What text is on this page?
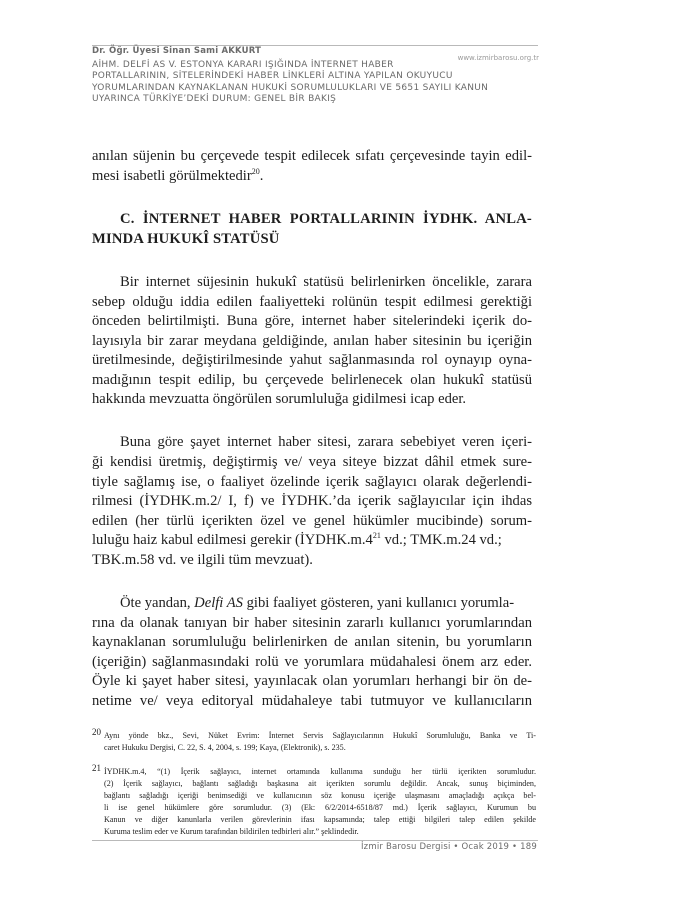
Dr. Öğr. Üyesi Sinan Sami AKKURT
www.izmirbarosu.org.tr
AİHM. DELFİ AS V. ESTONYA KARARI IŞIĞINDA İNTERNET HABER
PORTALLARININ, SİTELERİNDEKİ HABER LİNKLERİ ALTINA YAPILAN OKUYUCU
YORUMLARINDAN KAYNAKLANAN HUKUKİ SORUMLULUKLARI VE 5651 SAYILI KANUN
UYARINCA TÜRKİYE’DEKİ DURUM: GENEL BİR BAKIŞ
anılan süjenin bu çerçevede tespit edilecek sıfatı çerçevesinde tayin edil-
mesi isabetli görülmektedir$^{20}$.
C. İNTERNET HABER PORTALLARININ İYDHK. ANLA-
MINDA HUKUKÎ STATÜSÜ
Bir internet süjesinin hukukî statüsü belirlenirken öncelikle, zarara
sebep olduğu iddia edilen faaliyetteki rolünün tespit edilmesi gerektiği
önceden belirtilmişti. Buna göre, internet haber sitelerindeki içerik do-
layısıyla bir zarar meydana geldiğinde, anılan haber sitesinin bu içeriğin
üretilmesinde, değiştirilmesinde yahut sağlanmasında rol oynayıp oyna-
madığının tespit edilip, bu çerçevede belirlenecek olan hukukî statüsü
hakkında mevzuatta öngörülen sorumluluğa gidilmesi icap eder.
Buna göre şayet internet haber sitesi, zarara sebebiyet veren içeri-
ği kendisi üretmiş, değiştirmiş ve/ veya siteye bizzat dâhil etmek sure-
tiyle sağlamış ise, o faaliyet özelinde içerik sağlayıcı olarak değerlendi-
rilmesi (İYDHK.m.2/ I, f) ve İYDHK.’da içerik sağlayıcılar için ihdas
edilen (her türlü içerikten özel ve genel hükümler mucibinde) sorum-
luluğu haiz kabul edilmesi gerekir ($İYDHK.m.4^{21}$ vd.; TMK.m.24 vd.;
TBK.m.58 vd. ve ilgili tüm mevzuat).
Öte yandan, Delfi AS gibi faaliyet gösteren, yani kullanıcı yorumla-
rına da olanak tanıyan bir haber sitesinin zararlı kullanıcı yorumlarından
kaynaklanan sorumluluğu belirlenirken de anılan sitenin, bu yorumların
(içeriğin) sağlanmasındaki rolü ve yorumlara müdahalesi önem arz eder.
Öyle ki şayet haber sitesi, yayınlacak olan yorumları herhangi bir ön de-
netime ve/ veya editoryal müdahaleye tabi tutmuyor ve kullanıcıların
20 Aynı yönde bkz., Sevi, Nüket Evrim: İnternet Servis Sağlayıcılarının Hukukî Sorumluluğu, Banka ve Ti-
caret Hukuku Dergisi, C. 22, S. 4, 2004, s. 199; Kaya, (Elektronik), s. 235.
21 İYDHK.m.4, “(1) İçerik sağlayıcı, internet ortamında kullanıma sunduğu her türlü içerikten sorumludur.
(2) İçerik sağlayıcı, bağlantı sağladığı başkasına ait içerikten sorumlu değildir. Ancak, sunuş biçiminden,
bağlantı sağladığı içeriği benimsediği ve kullanıcının söz konusu içeriğe ulaşmasını amaçladığı açıkça bel-
li ise genel hükümlere göre sorumludur. (3) (Ek: 6/2/2014-6518/87 md.) İçerik sağlayıcı, Kurumun bu
Kanun ve diğer kanunlarla verilen görevlerinin ifası kapsamında; talep ettiği bilgileri talep edilen şekilde
Kuruma teslim eder ve Kurum tarafından bildirilen tedbirleri alır.” şeklindedir.
İzmir Barosu Dergisi • Ocak 2019 • 189
